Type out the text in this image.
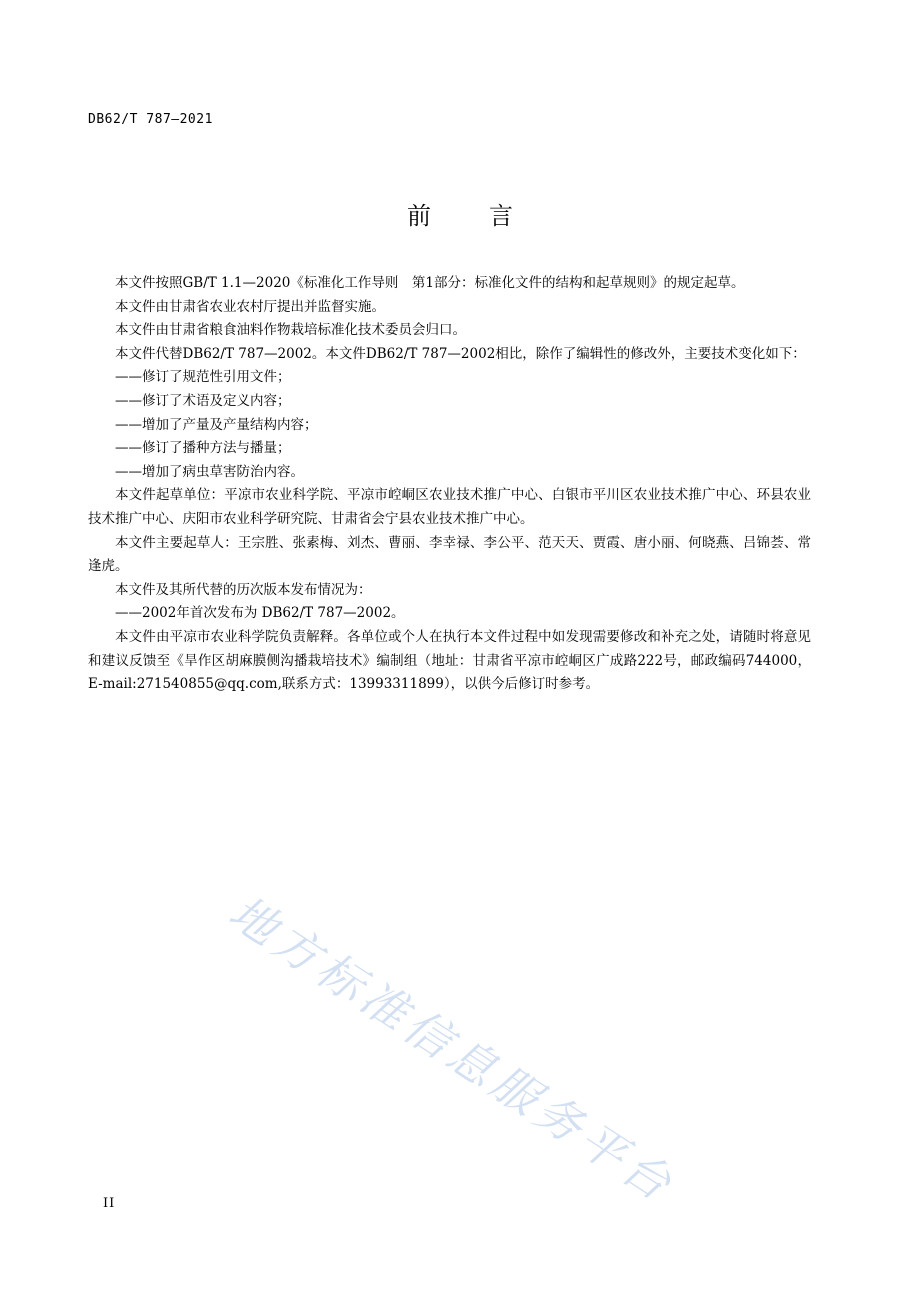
DB62/T 787—2021
前言

本文件按照GB/T 1.1—2020《标准化工作导则　第1部分：标准化文件的结构和起草规则》的规定起草。

本文件由甘肃省农业农村厅提出并监督实施。

本文件由甘肃省粮食油料作物栽培标准化技术委员会归口。

本文件代替DB62/T 787—2002。本文件DB62/T 787—2002相比，除作了编辑性的修改外，主要技术变化如下：

——修订了规范性引用文件；

——修订了术语及定义内容；

——增加了产量及产量结构内容；

——修订了播种方法与播量；

——增加了病虫草害防治内容。

本文件起草单位：平凉市农业科学院、平凉市崆峒区农业技术推广中心、白银市平川区农业技术推广中心、环县农业技术推广中心、庆阳市农业科学研究院、甘肃省会宁县农业技术推广中心。

本文件主要起草人：王宗胜、张素梅、刘杰、曹丽、李幸禄、李公平、范天天、贾霞、唐小丽、何晓燕、吕锦荟、常逢虎。

本文件及其所代替的历次版本发布情况为：

——2002年首次发布为 DB62/T 787—2002。

本文件由平凉市农业科学院负责解释。各单位或个人在执行本文件过程中如发现需要修改和补充之处，请随时将意见和建议反馈至《旱作区胡麻膜侧沟播栽培技术》编制组（地址：甘肃省平凉市崆峒区广成路222号，邮政编码744000，E-mail:271540855@qq.com,联系方式：13993311899），以供今后修订时参考。

地方标准信息服务平台
II
